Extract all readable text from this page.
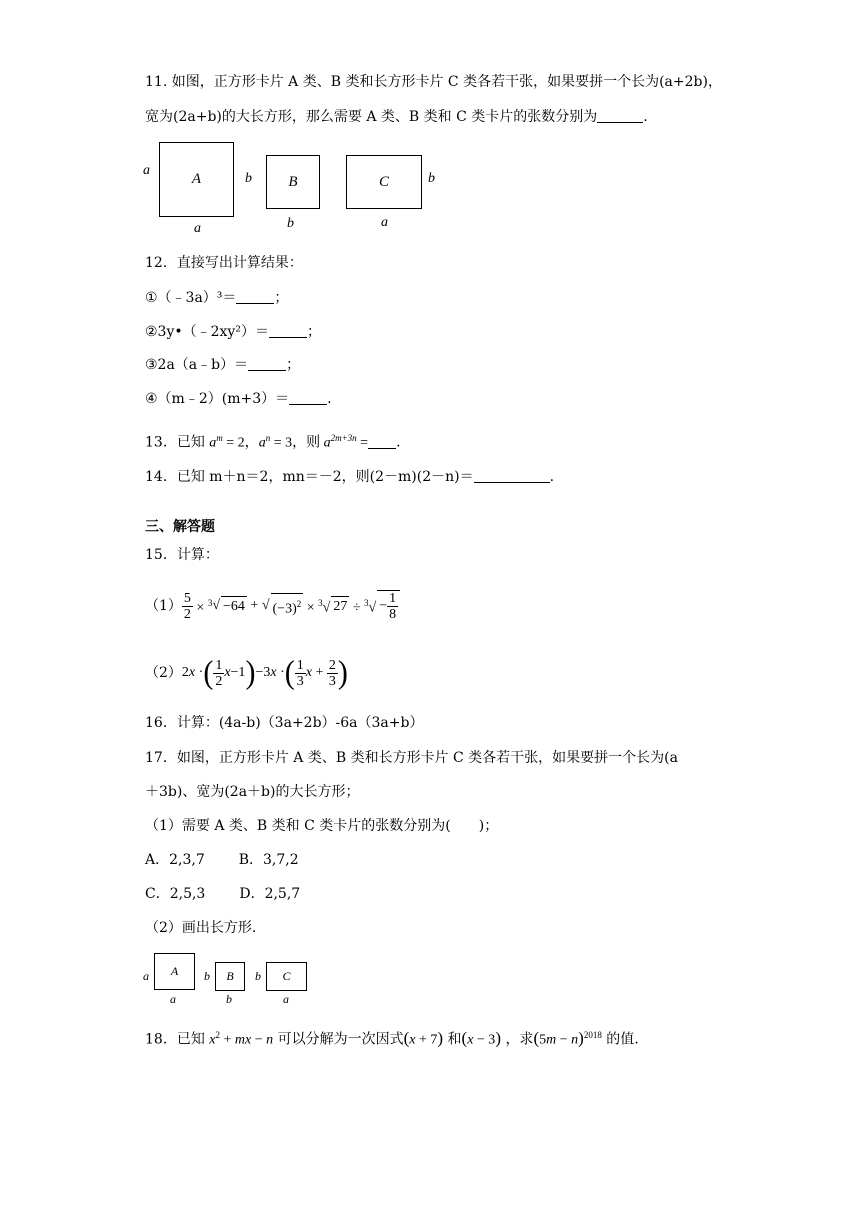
11. 如图，正方形卡片 A 类、B 类和长方形卡片 C 类各若干张，如果要拼一个长为(a+2b)，
宽为(2a+b)的大长方形，那么需要 A 类、B 类和 C 类卡片的张数分别为	.
a
A
a
b	B
b
C	b
a
12．直接写出计算结果：
①（﹣3a）³＝	；
②3y•（﹣2xy²）＝	；
③2a（a﹣b）＝	；
④（m﹣2）(m+3）＝	.
13．已知 $a^m = 2$，$a^n = 3$，则 $a^{2m+3n}$ = .
14．已知 m＋n＝2，mn＝－2，则(2－m)(2－n)＝	.
三、解答题
15．计算：
$(1) \frac{5}{2} \times ^3$ √ −64 + √ $(-3)^2 \times ^3√$ $27 \div ^3√ - \frac{1}{8}$
（2） 2 x · ( $\frac{1}{2}$ x −1 ) −3 x · ( $\frac{1}{3}$ $x + \frac{2}{3}$ )
16．计算：(4a-b)（3a+2b）-6a（3a+b）
17．如图，正方形卡片 A 类、B 类和长方形卡片 C 类各若干张，如果要拼一个长为(a
＋3b)、宽为(2a＋b)的大长方形；
（1）需要 A 类、B 类和 C 类卡片的张数分别为(　　)；
A．2,3,7 B．3,7,2
C．2,5,3 D．2,5,7
（2）画出长方形.
a	A
a
b	B
b
b	C
a
18．已知 $x^2$ + mx − n 可以分解为一次因式(x + 7) 和(x − 3) ，求$(5m - n)^{2018}$ 的值.
